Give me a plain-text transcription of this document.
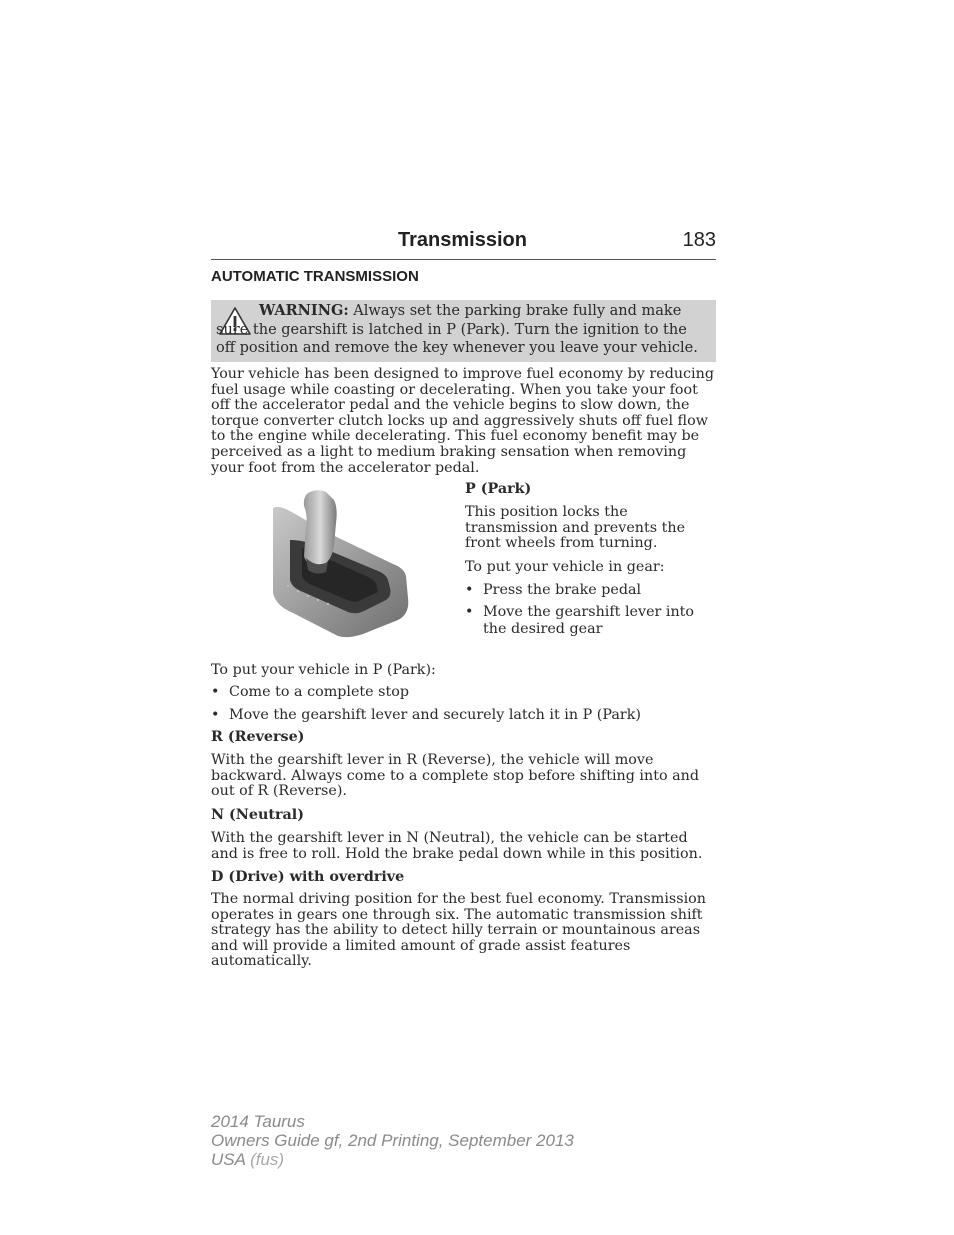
Transmission	183
AUTOMATIC TRANSMISSION
WARNING: Always set the parking brake fully and make sure the gearshift is latched in P (Park). Turn the ignition to the off position and remove the key whenever you leave your vehicle.
Your vehicle has been designed to improve fuel economy by reducing fuel usage while coasting or decelerating. When you take your foot off the accelerator pedal and the vehicle begins to slow down, the torque converter clutch locks up and aggressively shuts off fuel flow to the engine while decelerating. This fuel economy benefit may be perceived as a light to medium braking sensation when removing your foot from the accelerator pedal.
P (Park)
This position locks the transmission and prevents the front wheels from turning.
To put your vehicle in gear:
• Press the brake pedal
• Move the gearshift lever into the desired gear
To put your vehicle in P (Park):
• Come to a complete stop
• Move the gearshift lever and securely latch it in P (Park)
R (Reverse)
With the gearshift lever in R (Reverse), the vehicle will move backward. Always come to a complete stop before shifting into and out of R (Reverse).
N (Neutral)
With the gearshift lever in N (Neutral), the vehicle can be started and is free to roll. Hold the brake pedal down while in this position.
D (Drive) with overdrive
The normal driving position for the best fuel economy. Transmission operates in gears one through six. The automatic transmission shift strategy has the ability to detect hilly terrain or mountainous areas and will provide a limited amount of grade assist features automatically.
2014 Taurus
Owners Guide gf, 2nd Printing, September 2013
USA (fus)
